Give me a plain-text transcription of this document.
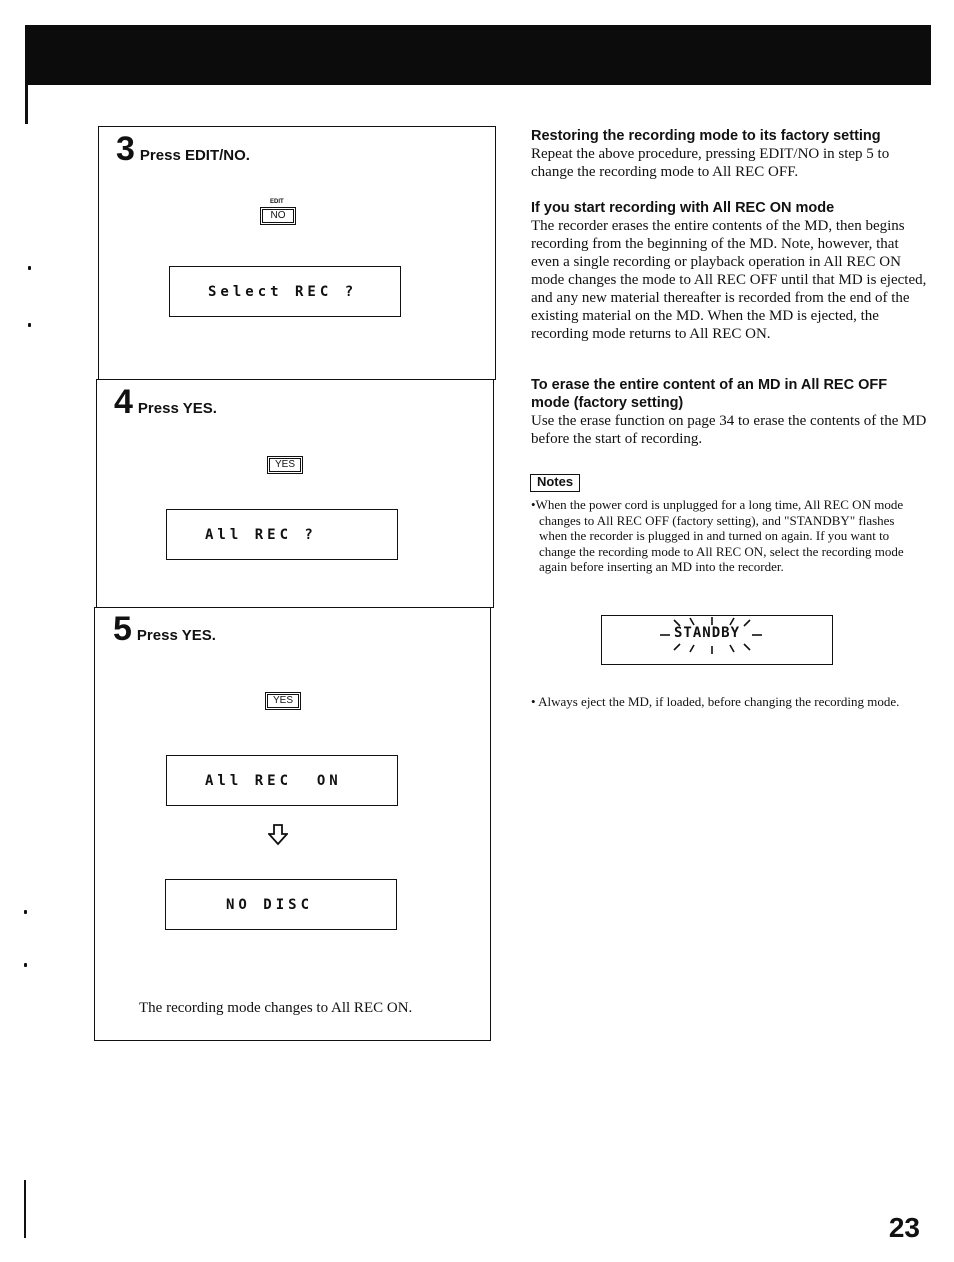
3 Press EDIT/NO.
EDIT
NO
Select REC ?
4 Press YES.
YES
All REC ?
5 Press YES.
YES
All REC  ON
NO DISC
The recording mode changes to All REC ON.
Restoring the recording mode to its factory setting
Repeat the above procedure, pressing EDIT/NO in step 5 to change the recording mode to All REC OFF.
If you start recording with All REC ON mode
The recorder erases the entire contents of the MD, then begins recording from the beginning of the MD. Note, however, that even a single recording or playback operation in All REC ON mode changes the mode to All REC OFF until that MD is ejected, and any new material thereafter is recorded from the end of the existing material on the MD. When the MD is ejected, the recording mode returns to All REC ON.
To erase the entire content of an MD in All REC OFF mode (factory setting)
Use the erase function on page 34 to erase the contents of the MD before the start of recording.
Notes
•When the power cord is unplugged for a long time, All REC ON mode changes to All REC OFF (factory setting), and "STANDBY" flashes when the recorder is plugged in and turned on again. If you want to change the recording mode to All REC ON, select the recording mode again before inserting an MD into the recorder.
STANDBY
• Always eject the MD, if loaded, before changing the recording mode.
23
